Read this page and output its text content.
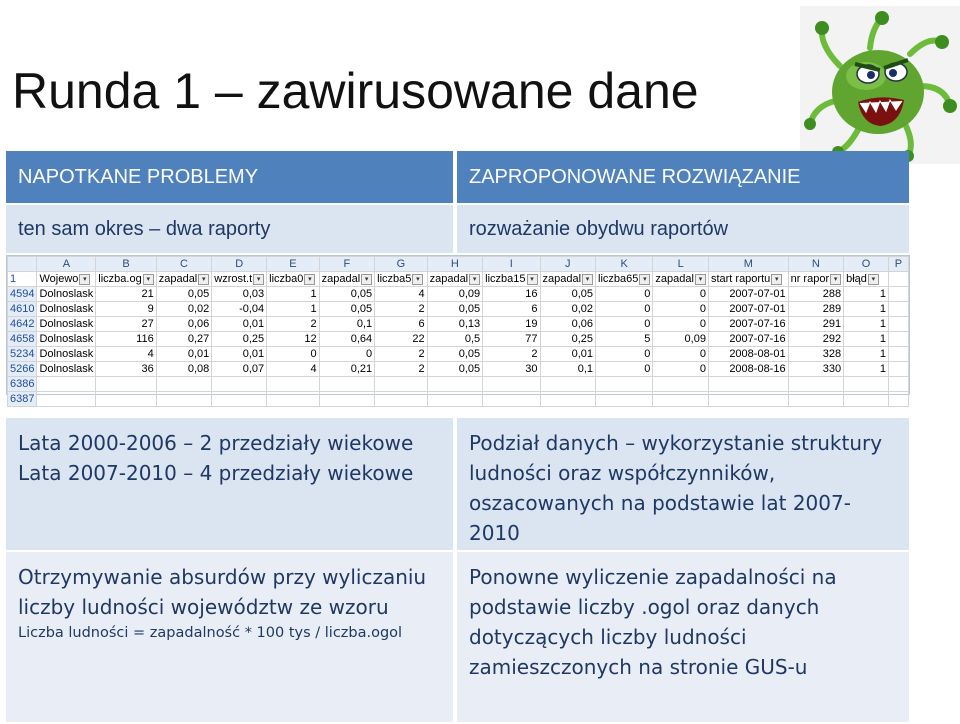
Runda 1 – zawirusowane dane
NAPOTKANE PROBLEMY	ZAPROPONOWANE ROZWIĄZANIE
ten sam okres – dwa raporty	rozważanie obydwu raportów
	A	B	C	D	E	F	G	H	I	J	K	L	M	N	O	P
1	Wojewo ▾	liczba.og ▾	zapadal ▾	wzrost.t ▾	liczba0 ▾	zapadal ▾	liczba5 ▾	zapadal ▾	liczba15 ▾	zapadal ▾	liczba65 ▾	zapadal ▾	start raportu ▾	nr rapor ▾	błąd ▾	
4594	Dolnoslask	21	0,05	0,03	1	0,05	4	0,09	16	0,05	0	0	2007-07-01	288	1	
4610	Dolnoslask	9	0,02	-0,04	1	0,05	2	0,05	6	0,02	0	0	2007-07-01	289	1	
4642	Dolnoslask	27	0,06	0,01	2	0,1	6	0,13	19	0,06	0	0	2007-07-16	291	1	
4658	Dolnoslask	116	0,27	0,25	12	0,64	22	0,5	77	0,25	5	0,09	2007-07-16	292	1	
5234	Dolnoslask	4	0,01	0,01	0	0	2	0,05	2	0,01	0	0	2008-08-01	328	1	
5266	Dolnoslask	36	0,08	0,07	4	0,21	2	0,05	30	0,1	0	0	2008-08-16	330	1	
6386																
6387																
Lata 2000-2006 – 2 przedziały wiekowe
Lata 2007-2010 – 4 przedziały wiekowe
Podział danych – wykorzystanie struktury ludności oraz współczynników, oszacowanych na podstawie lat 2007-2010
Otrzymywanie absurdów przy wyliczaniu liczby ludności województw ze wzoru
Liczba ludności = zapadalność * 100 tys / liczba.ogol
Ponowne wyliczenie zapadalności na podstawie liczby .ogol oraz danych dotyczących liczby ludności zamieszczonych na stronie GUS-u
